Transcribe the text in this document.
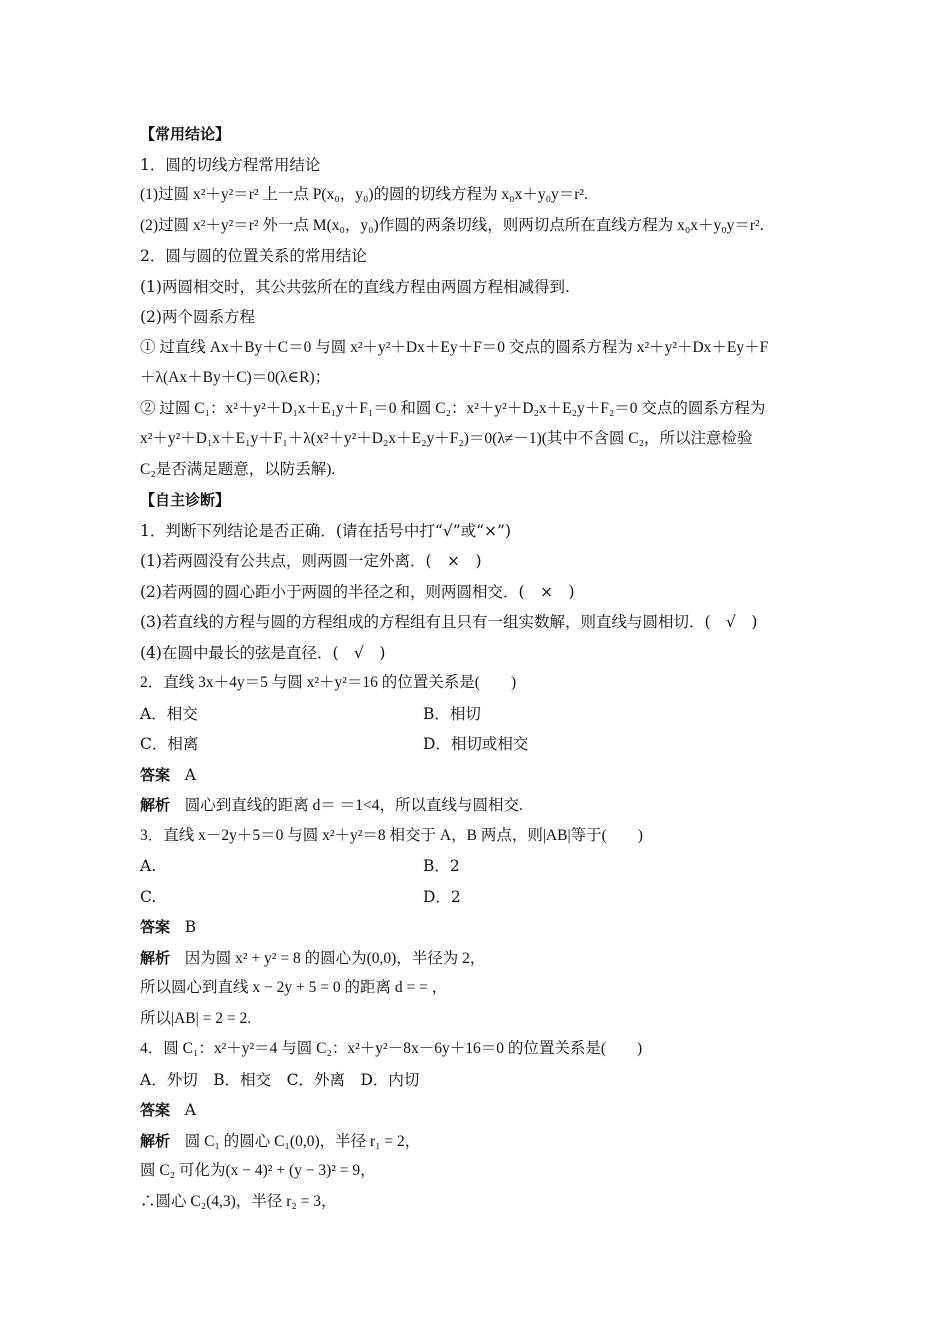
【常用结论】
1．圆的切线方程常用结论
(1)过圆 x²＋y²＝r² 上一点 P(x₀，y₀)的圆的切线方程为 x₀x＋y₀y＝r².
(2)过圆 x²＋y²＝r² 外一点 M(x₀，y₀)作圆的两条切线，则两切点所在直线方程为 x₀x＋y₀y＝r².
2．圆与圆的位置关系的常用结论
(1)两圆相交时，其公共弦所在的直线方程由两圆方程相减得到.
(2)两个圆系方程
① 过直线 Ax＋By＋C＝0 与圆 x²＋y²＋Dx＋Ey＋F＝0 交点的圆系方程为 x²＋y²＋Dx＋Ey＋F
＋λ(Ax＋By＋C)＝0(λ∈R)；
② 过圆 C₁：x²＋y²＋D₁x＋E₁y＋F₁＝0 和圆 C₂：x²＋y²＋D₂x＋E₂y＋F₂＝0 交点的圆系方程为
x²＋y²＋D₁x＋E₁y＋F₁＋λ(x²＋y²＋D₂x＋E₂y＋F₂)＝0(λ≠－1)(其中不含圆 C₂，所以注意检验
C₂是否满足题意，以防丢解).
【自主诊断】
1．判断下列结论是否正确．(请在括号中打“√”或“×”)
(1)若两圆没有公共点，则两圆一定外离．(　×　)
(2)若两圆的圆心距小于两圆的半径之和，则两圆相交．(　×　)
(3)若直线的方程与圆的方程组成的方程组有且只有一组实数解，则直线与圆相切．(　√　)
(4)在圆中最长的弦是直径．(　√　)
2．直线 3x＋4y＝5 与圆 x²＋y²＝16 的位置关系是(　　)
A．相交	B．相切
C．相离	D．相切或相交
答案 A
解析 圆心到直线的距离 d＝ ＝1<4，所以直线与圆相交.
3．直线 x－2y＋5＝0 与圆 x²＋y²＝8 相交于 A，B 两点，则|AB|等于(　　)
A.	B．2
C.	D．2
答案 B
解析 因为圆 x² + y² = 8 的圆心为(0,0)，半径为 2，
所以圆心到直线 x − 2y + 5 = 0 的距离 d = = ，
所以|AB| = 2 = 2.
4．圆 C₁：x²＋y²＝4 与圆 C₂：x²＋y²－8x－6y＋16＝0 的位置关系是(　　)
A．外切　B．相交　C．外离　D．内切
答案 A
解析 圆 C₁ 的圆心 C₁(0,0)，半径 r₁ = 2，
圆 C₂ 可化为(x − 4)² + (y − 3)² = 9，
∴圆心 C₂(4,3)，半径 r₂ = 3，
